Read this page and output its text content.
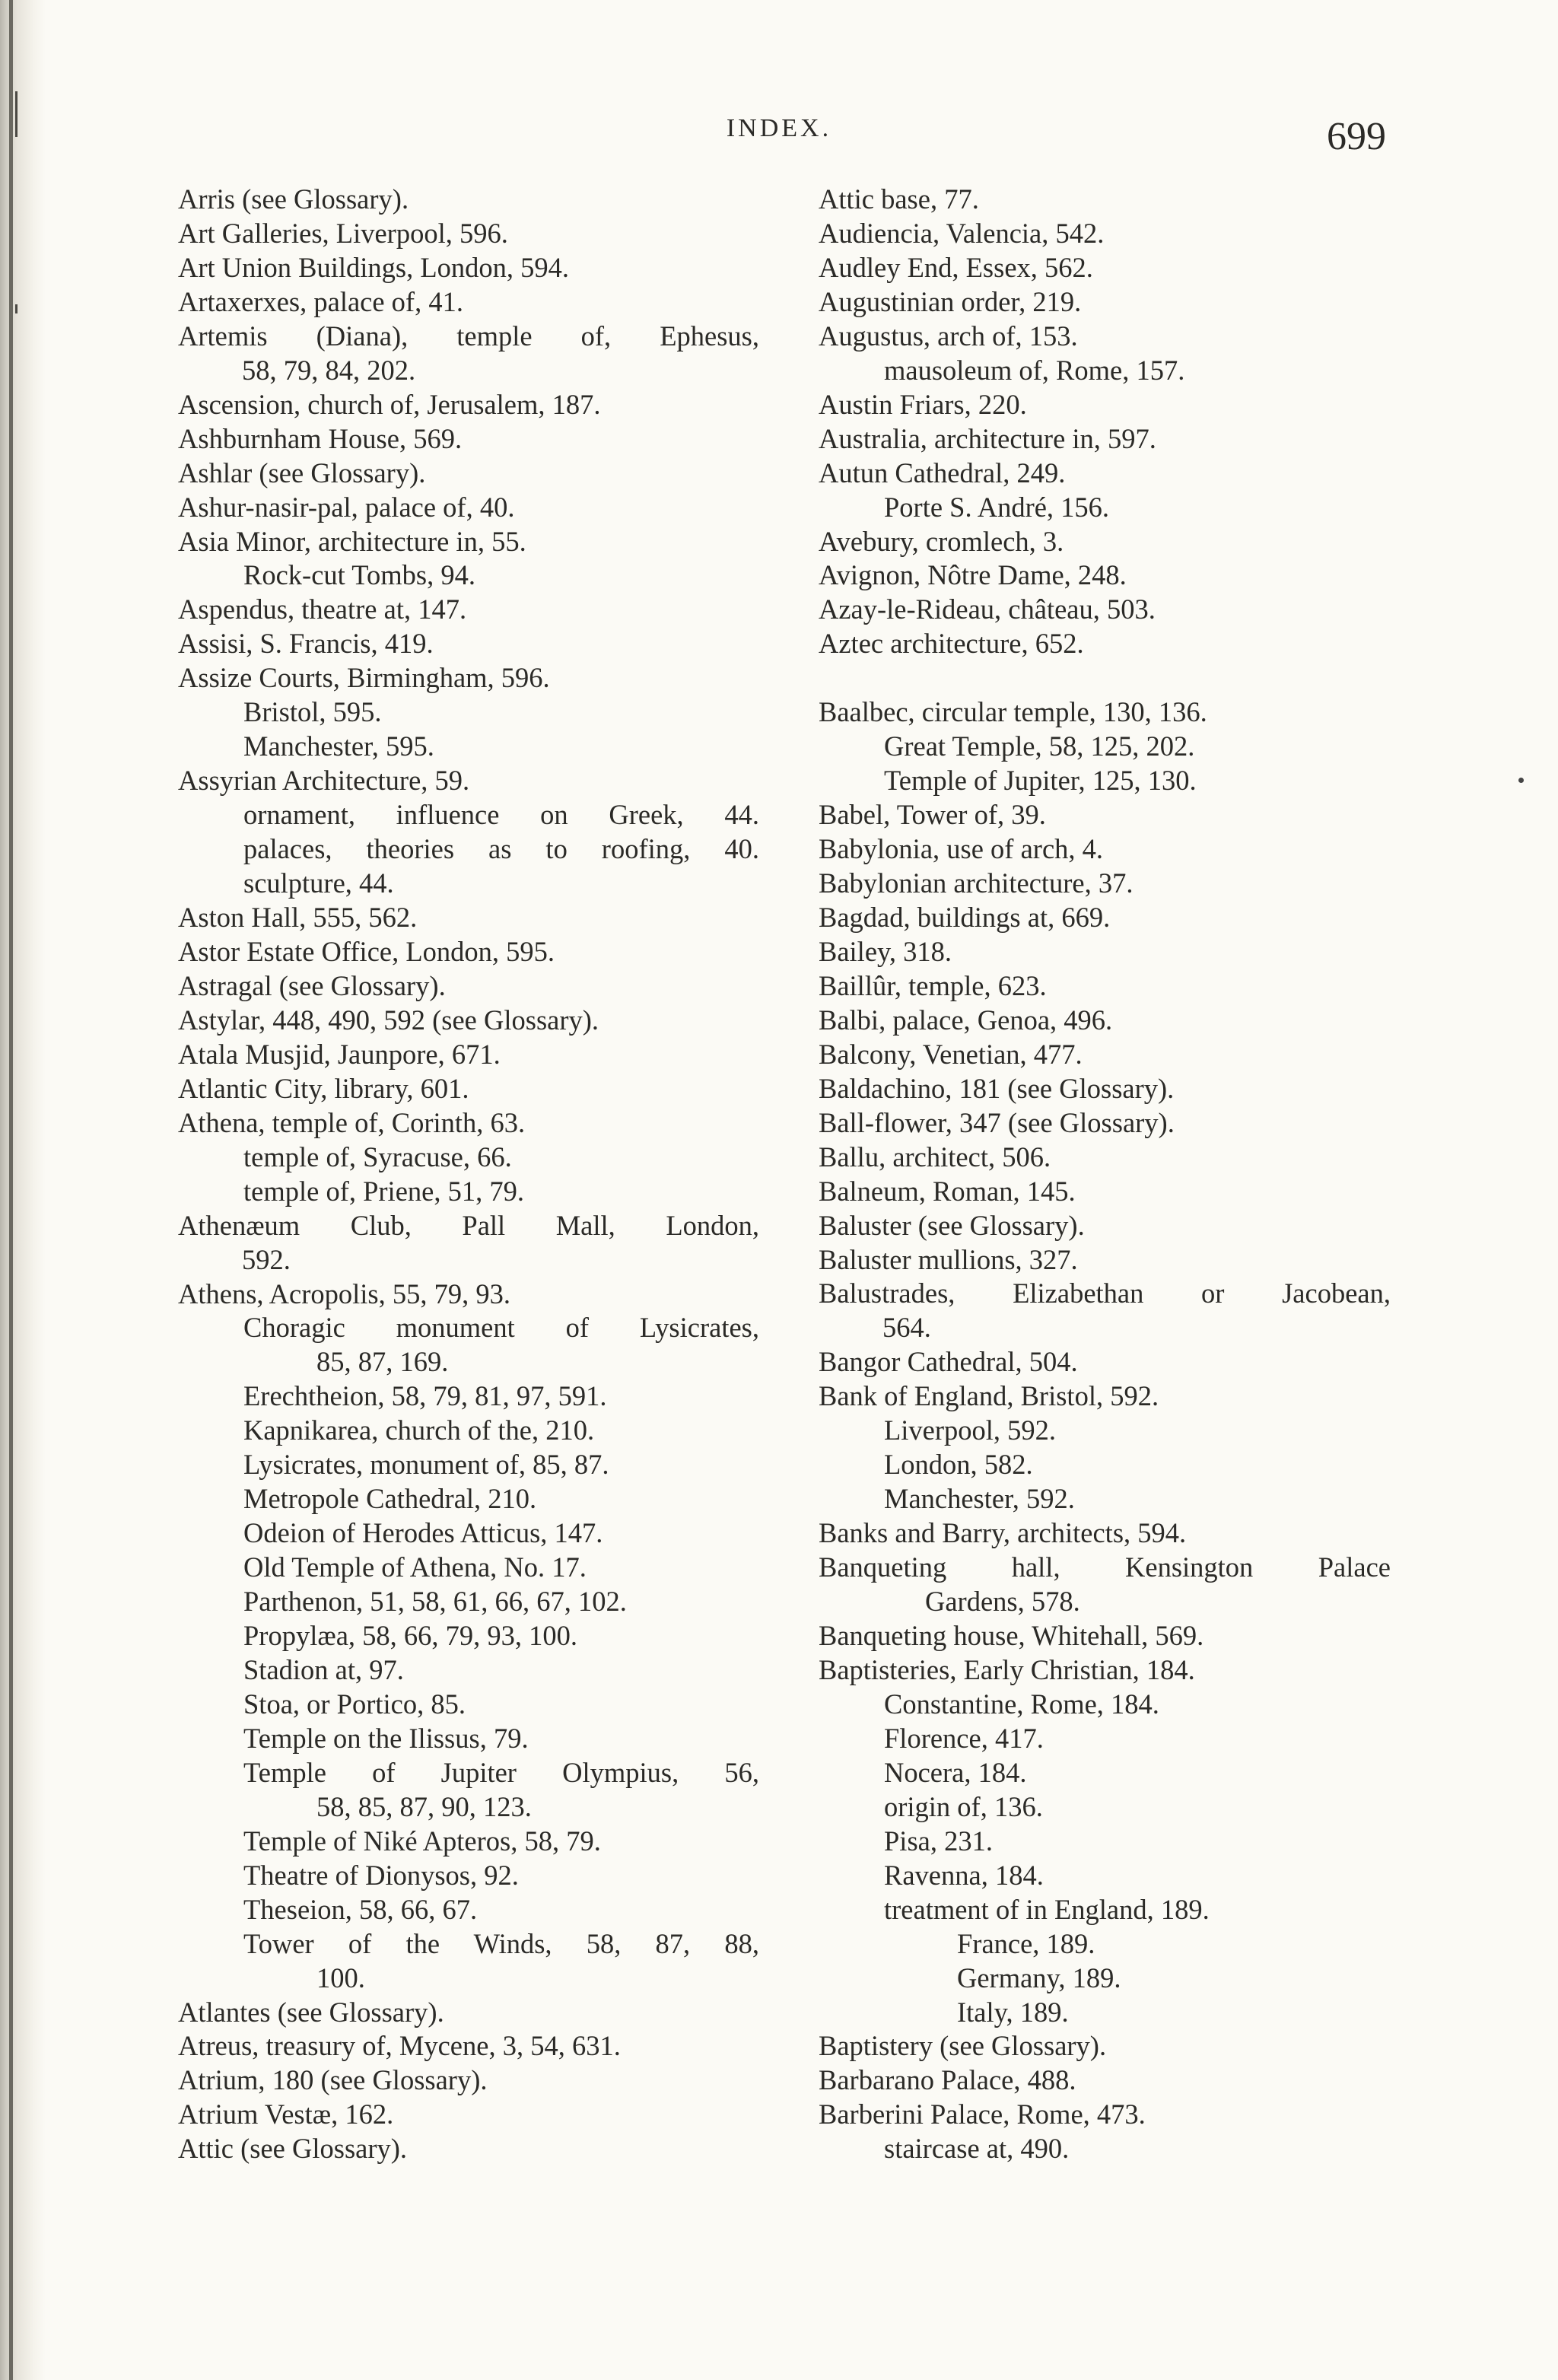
INDEX.	699
Arris (see Glossary).
Art Galleries, Liverpool, 596.
Art Union Buildings, London, 594.
Artaxerxes, palace of, 41.
Artemis (Diana), temple of, Ephesus,
58, 79, 84, 202.
Ascension, church of, Jerusalem, 187.
Ashburnham House, 569.
Ashlar (see Glossary).
Ashur-nasir-pal, palace of, 40.
Asia Minor, architecture in, 55.
Rock-cut Tombs, 94.
Aspendus, theatre at, 147.
Assisi, S. Francis, 419.
Assize Courts, Birmingham, 596.
Bristol, 595.
Manchester, 595.
Assyrian Architecture, 59.
ornament, influence on Greek, 44.
palaces, theories as to roofing, 40.
sculpture, 44.
Aston Hall, 555, 562.
Astor Estate Office, London, 595.
Astragal (see Glossary).
Astylar, 448, 490, 592 (see Glossary).
Atala Musjid, Jaunpore, 671.
Atlantic City, library, 601.
Athena, temple of, Corinth, 63.
temple of, Syracuse, 66.
temple of, Priene, 51, 79.
Athenæum Club, Pall Mall, London,
592.
Athens, Acropolis, 55, 79, 93.
Choragic monument of Lysicrates,
85, 87, 169.
Erechtheion, 58, 79, 81, 97, 591.
Kapnikarea, church of the, 210.
Lysicrates, monument of, 85, 87.
Metropole Cathedral, 210.
Odeion of Herodes Atticus, 147.
Old Temple of Athena, No. 17.
Parthenon, 51, 58, 61, 66, 67, 102.
Propylæa, 58, 66, 79, 93, 100.
Stadion at, 97.
Stoa, or Portico, 85.
Temple on the Ilissus, 79.
Temple of Jupiter Olympius, 56,
58, 85, 87, 90, 123.
Temple of Niké Apteros, 58, 79.
Theatre of Dionysos, 92.
Theseion, 58, 66, 67.
Tower of the Winds, 58, 87, 88,
100.
Atlantes (see Glossary).
Atreus, treasury of, Mycene, 3, 54, 631.
Atrium, 180 (see Glossary).
Atrium Vestæ, 162.
Attic (see Glossary).
Attic base, 77.
Audiencia, Valencia, 542.
Audley End, Essex, 562.
Augustinian order, 219.
Augustus, arch of, 153.
mausoleum of, Rome, 157.
Austin Friars, 220.
Australia, architecture in, 597.
Autun Cathedral, 249.
Porte S. André, 156.
Avebury, cromlech, 3.
Avignon, Nôtre Dame, 248.
Azay-le-Rideau, château, 503.
Aztec architecture, 652.
Baalbec, circular temple, 130, 136.
Great Temple, 58, 125, 202.
Temple of Jupiter, 125, 130.
Babel, Tower of, 39.
Babylonia, use of arch, 4.
Babylonian architecture, 37.
Bagdad, buildings at, 669.
Bailey, 318.
Baillûr, temple, 623.
Balbi, palace, Genoa, 496.
Balcony, Venetian, 477.
Baldachino, 181 (see Glossary).
Ball-flower, 347 (see Glossary).
Ballu, architect, 506.
Balneum, Roman, 145.
Baluster (see Glossary).
Baluster mullions, 327.
Balustrades, Elizabethan or Jacobean,
564.
Bangor Cathedral, 504.
Bank of England, Bristol, 592.
Liverpool, 592.
London, 582.
Manchester, 592.
Banks and Barry, architects, 594.
Banqueting hall, Kensington Palace
Gardens, 578.
Banqueting house, Whitehall, 569.
Baptisteries, Early Christian, 184.
Constantine, Rome, 184.
Florence, 417.
Nocera, 184.
origin of, 136.
Pisa, 231.
Ravenna, 184.
treatment of in England, 189.
France, 189.
Germany, 189.
Italy, 189.
Baptistery (see Glossary).
Barbarano Palace, 488.
Barberini Palace, Rome, 473.
staircase at, 490.
